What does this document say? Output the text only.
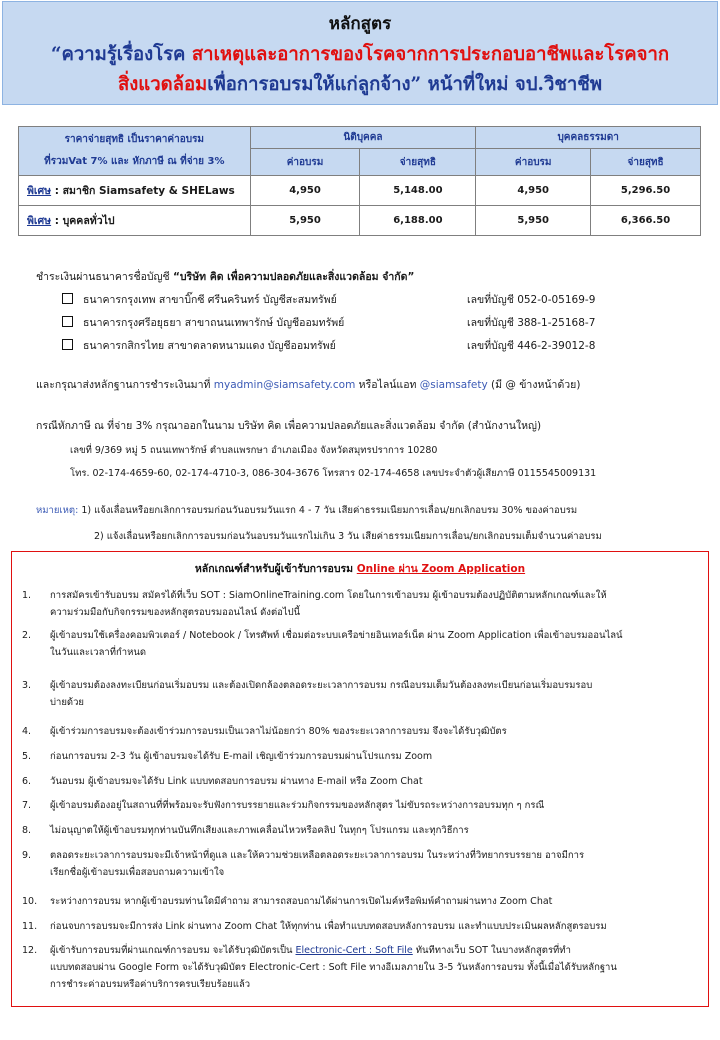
หลักสูตร
“ความรู้เรื่องโรค สาเหตุและอาการของโรคจากการประกอบอาชีพและโรคจาก
สิ่งแวดล้อมเพื่อการอบรมให้แก่ลูกจ้าง” หน้าที่ใหม่ จป.วิชาชีพ
ราคาจ่ายสุทธิ เป็นราคาค่าอบรม
ที่รวมVat 7% และ หักภาษี ณ ที่จ่าย 3%	นิติบุคคล		บุคคลธรรมดา	
	ค่าอบรม	จ่ายสุทธิ	ค่าอบรม	จ่ายสุทธิ
พิเศษ : สมาชิก Siamsafety & SHELaws	4,950	5,148.00	4,950	5,296.50
พิเศษ : บุคคลทั่วไป	5,950	6,188.00	5,950	6,366.50
ชำระเงินผ่านธนาคารชื่อบัญชี “บริษัท คิด เพื่อความปลอดภัยและสิ่งแวดล้อม จำกัด”
ธนาคารกรุงเทพ สาขาบิ๊กซี ศรีนครินทร์ บัญชีสะสมทรัพย์	เลขที่บัญชี 052-0-05169-9
ธนาคารกรุงศรีอยุธยา สาขาถนนเทพารักษ์ บัญชีออมทรัพย์	เลขที่บัญชี 388-1-25168-7
ธนาคารกสิกรไทย สาขาตลาดหนามแดง บัญชีออมทรัพย์	เลขที่บัญชี 446-2-39012-8
และกรุณาส่งหลักฐานการชำระเงินมาที่ myadmin@siamsafety.com หรือไลน์แอท @siamsafety (มี @ ข้างหน้าด้วย)
กรณีหักภาษี ณ ที่จ่าย 3% กรุณาออกในนาม บริษัท คิด เพื่อความปลอดภัยและสิ่งแวดล้อม จำกัด (สำนักงานใหญ่)
เลขที่ 9/369 หมู่ 5 ถนนเทพารักษ์ ตำบลแพรกษา อำเภอเมือง จังหวัดสมุทรปราการ 10280
โทร. 02-174-4659-60, 02-174-4710-3, 086-304-3676 โทรสาร 02-174-4658 เลขประจำตัวผู้เสียภาษี 0115545009131
หมายเหตุ: 1) แจ้งเลื่อนหรือยกเลิกการอบรมก่อนวันอบรมวันแรก 4 - 7 วัน เสียค่าธรรมเนียมการเลื่อน/ยกเลิกอบรม 30% ของค่าอบรม
2) แจ้งเลื่อนหรือยกเลิกการอบรมก่อนวันอบรมวันแรกไม่เกิน 3 วัน เสียค่าธรรมเนียมการเลื่อน/ยกเลิกอบรมเต็มจำนวนค่าอบรม
หลักเกณฑ์สำหรับผู้เข้ารับการอบรม Online ผ่าน Zoom Application
1. การสมัครเข้ารับอบรม สมัครได้ที่เว็บ SOT : SiamOnlineTraining.com โดยในการเข้าอบรม ผู้เข้าอบรมต้องปฏิบัติตามหลักเกณฑ์และให้
ความร่วมมือกับกิจกรรมของหลักสูตรอบรมออนไลน์ ดังต่อไปนี้
2. ผู้เข้าอบรมใช้เครื่องคอมพิวเตอร์ / Notebook / โทรศัพท์ เชื่อมต่อระบบเครือข่ายอินเทอร์เน็ต ผ่าน Zoom Application เพื่อเข้าอบรมออนไลน์
ในวันและเวลาที่กำหนด
3. ผู้เข้าอบรมต้องลงทะเบียนก่อนเริ่มอบรม และต้องเปิดกล้องตลอดระยะเวลาการอบรม กรณีอบรมเต็มวันต้องลงทะเบียนก่อนเริ่มอบรมรอบ
บ่ายด้วย
4. ผู้เข้าร่วมการอบรมจะต้องเข้าร่วมการอบรมเป็นเวลาไม่น้อยกว่า 80% ของระยะเวลาการอบรม จึงจะได้รับวุฒิบัตร
5. ก่อนการอบรม 2-3 วัน ผู้เข้าอบรมจะได้รับ E-mail เชิญเข้าร่วมการอบรมผ่านโปรแกรม Zoom
6. วันอบรม ผู้เข้าอบรมจะได้รับ Link แบบทดสอบการอบรม ผ่านทาง E-mail หรือ Zoom Chat
7. ผู้เข้าอบรมต้องอยู่ในสถานที่ที่พร้อมจะรับฟังการบรรยายและร่วมกิจกรรมของหลักสูตร ไม่ขับรถระหว่างการอบรมทุก ๆ กรณี
8. ไม่อนุญาตให้ผู้เข้าอบรมทุกท่านบันทึกเสียงและภาพเคลื่อนไหวหรือคลิป ในทุกๆ โปรแกรม และทุกวิธีการ
9. ตลอดระยะเวลาการอบรมจะมีเจ้าหน้าที่ดูแล และให้ความช่วยเหลือตลอดระยะเวลาการอบรม ในระหว่างที่วิทยากรบรรยาย อาจมีการ
เรียกชื่อผู้เข้าอบรมเพื่อสอบถามความเข้าใจ
10. ระหว่างการอบรม หากผู้เข้าอบรมท่านใดมีคำถาม สามารถสอบถามได้ผ่านการเปิดไมค์หรือพิมพ์คำถามผ่านทาง Zoom Chat
11. ก่อนจบการอบรมจะมีการส่ง Link ผ่านทาง Zoom Chat ให้ทุกท่าน เพื่อทำแบบทดสอบหลังการอบรม และทำแบบประเมินผลหลักสูตรอบรม
12. ผู้เข้ารับการอบรมที่ผ่านเกณฑ์การอบรม จะได้รับวุฒิบัตรเป็น Electronic-Cert : Soft File ทันทีทางเว็บ SOT ในบางหลักสูตรที่ทำ
แบบทดสอบผ่าน Google Form จะได้รับวุฒิบัตร Electronic-Cert : Soft File ทางอีเมลภายใน 3-5 วันหลังการอบรม ทั้งนี้เมื่อได้รับหลักฐาน
การชำระค่าอบรมหรือค่าบริการครบเรียบร้อยแล้ว
